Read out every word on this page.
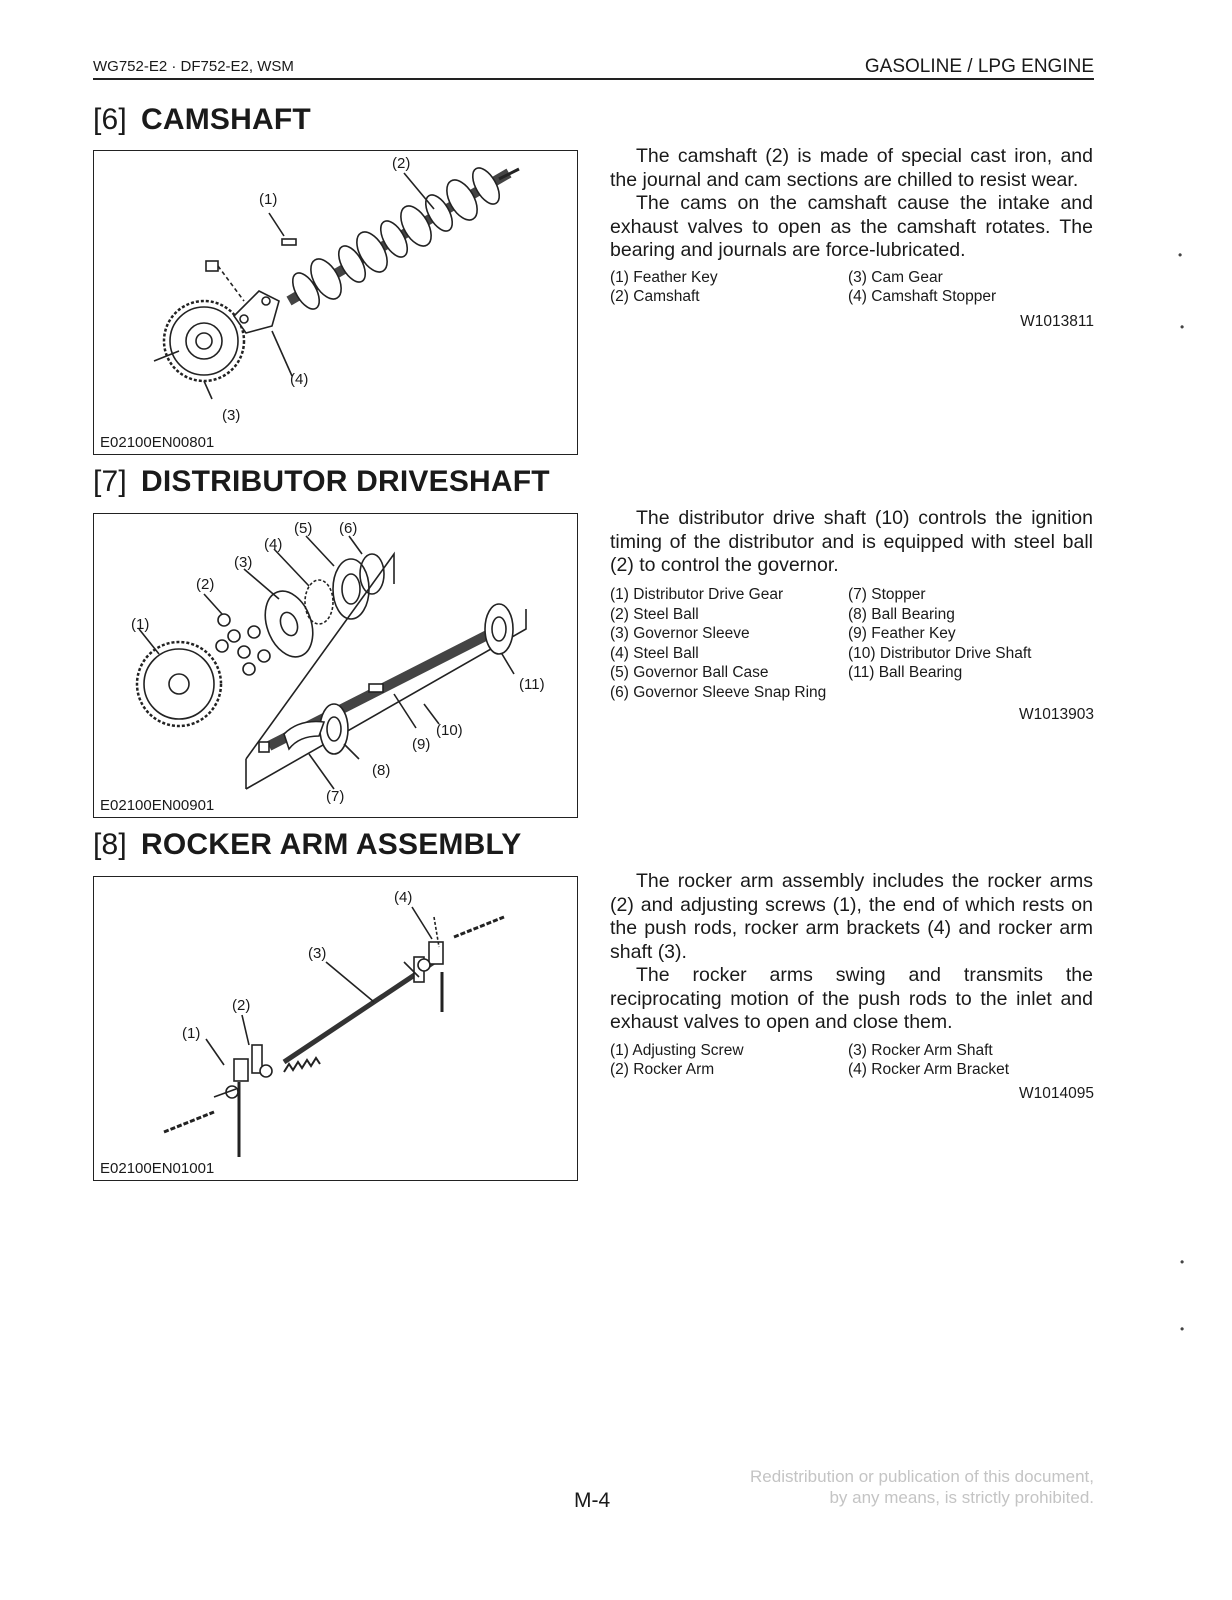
WG752-E2 · DF752-E2, WSM	GASOLINE / LPG ENGINE
[6] CAMSHAFT
(1)
(2)
(3)
(4)
E02100EN00801

The camshaft (2) is made of special cast iron, and the journal and cam sections are chilled to resist wear.

The cams on the camshaft cause the intake and exhaust valves to open as the camshaft rotates. The bearing and journals are force-lubricated.

(1) Feather Key
(2) Camshaft
(3) Cam Gear
(4) Camshaft Stopper
W1013811
[7] DISTRIBUTOR DRIVESHAFT
(1)
(2)
(3)
(4)
(5) (6)
(7)
(8)
(9)
(10)
(11)
E02100EN00901

The distributor drive shaft (10) controls the ignition timing of the distributor and is equipped with steel ball (2) to control the governor.

(1) Distributor Drive Gear
(2) Steel Ball
(3) Governor Sleeve
(4) Steel Ball
(5) Governor Ball Case
(6) Governor Sleeve Snap Ring
(7) Stopper
(8) Ball Bearing
(9) Feather Key
(10) Distributor Drive Shaft
(11) Ball Bearing
W1013903
[8] ROCKER ARM ASSEMBLY
(1)
(2)
(3)
(4)
E02100EN01001

The rocker arm assembly includes the rocker arms (2) and adjusting screws (1), the end of which rests on the push rods, rocker arm brackets (4) and rocker arm shaft (3).

The rocker arms swing and transmits the reciprocating motion of the push rods to the inlet and exhaust valves to open and close them.

(1) Adjusting Screw
(2) Rocker Arm
(3) Rocker Arm Shaft
(4) Rocker Arm Bracket
W1014095
•
•
•
•
M-4
Redistribution or publication of this document,
by any means, is strictly prohibited.
